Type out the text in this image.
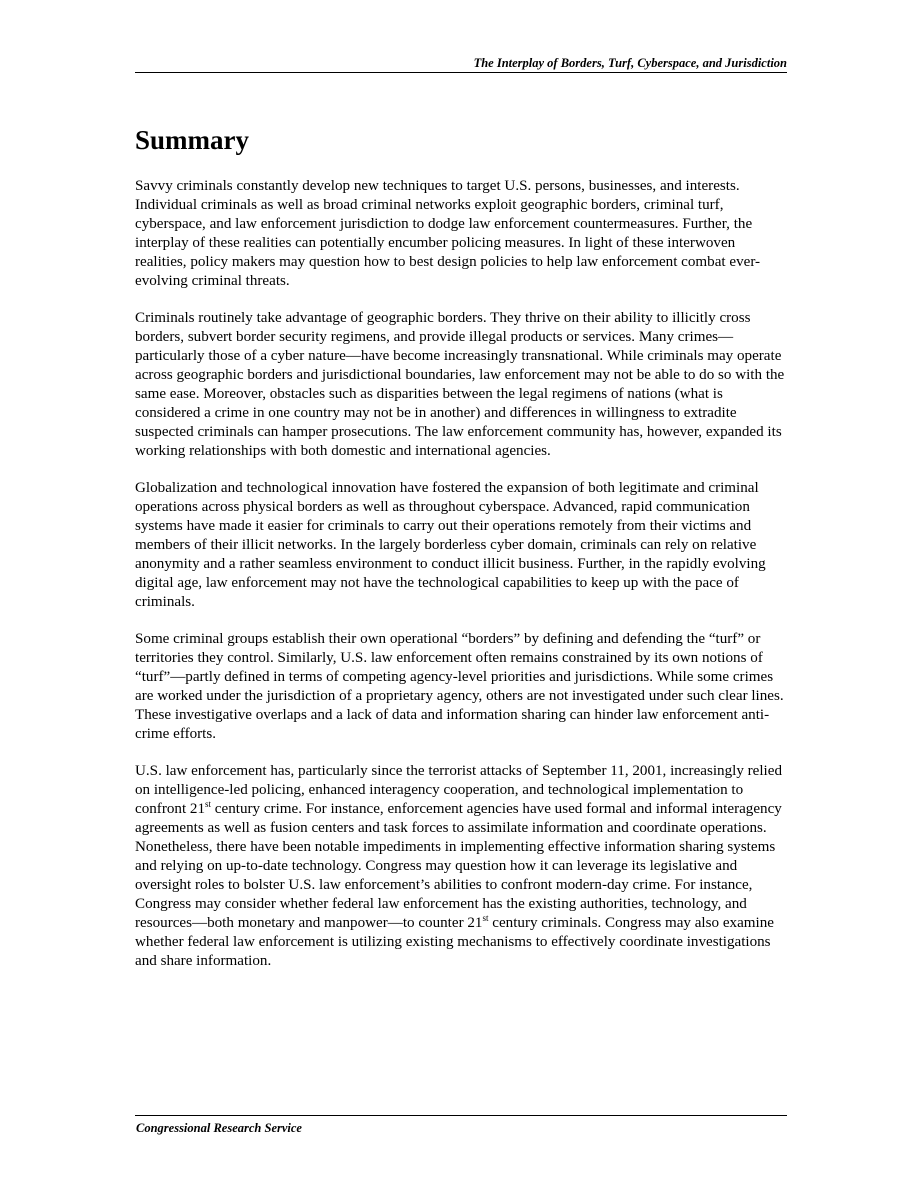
The Interplay of Borders, Turf, Cyberspace, and Jurisdiction
Summary

Savvy criminals constantly develop new techniques to target U.S. persons, businesses, and interests. Individual criminals as well as broad criminal networks exploit geographic borders, criminal turf, cyberspace, and law enforcement jurisdiction to dodge law enforcement countermeasures. Further, the interplay of these realities can potentially encumber policing measures. In light of these interwoven realities, policy makers may question how to best design policies to help law enforcement combat ever-evolving criminal threats.

Criminals routinely take advantage of geographic borders. They thrive on their ability to illicitly cross borders, subvert border security regimens, and provide illegal products or services. Many crimes—particularly those of a cyber nature—have become increasingly transnational. While criminals may operate across geographic borders and jurisdictional boundaries, law enforcement may not be able to do so with the same ease. Moreover, obstacles such as disparities between the legal regimens of nations (what is considered a crime in one country may not be in another) and differences in willingness to extradite suspected criminals can hamper prosecutions. The law enforcement community has, however, expanded its working relationships with both domestic and international agencies.

Globalization and technological innovation have fostered the expansion of both legitimate and criminal operations across physical borders as well as throughout cyberspace. Advanced, rapid communication systems have made it easier for criminals to carry out their operations remotely from their victims and members of their illicit networks. In the largely borderless cyber domain, criminals can rely on relative anonymity and a rather seamless environment to conduct illicit business. Further, in the rapidly evolving digital age, law enforcement may not have the technological capabilities to keep up with the pace of criminals.

Some criminal groups establish their own operational “borders” by defining and defending the “turf” or territories they control. Similarly, U.S. law enforcement often remains constrained by its own notions of “turf”—partly defined in terms of competing agency-level priorities and jurisdictions. While some crimes are worked under the jurisdiction of a proprietary agency, others are not investigated under such clear lines. These investigative overlaps and a lack of data and information sharing can hinder law enforcement anti-crime efforts.

U.S. law enforcement has, particularly since the terrorist attacks of September 11, 2001, increasingly relied on intelligence-led policing, enhanced interagency cooperation, and technological implementation to confront 21st century crime. For instance, enforcement agencies have used formal and informal interagency agreements as well as fusion centers and task forces to assimilate information and coordinate operations. Nonetheless, there have been notable impediments in implementing effective information sharing systems and relying on up-to-date technology. Congress may question how it can leverage its legislative and oversight roles to bolster U.S. law enforcement’s abilities to confront modern-day crime. For instance, Congress may consider whether federal law enforcement has the existing authorities, technology, and resources—both monetary and manpower—to counter 21st century criminals. Congress may also examine whether federal law enforcement is utilizing existing mechanisms to effectively coordinate investigations and share information.

Congressional Research Service
